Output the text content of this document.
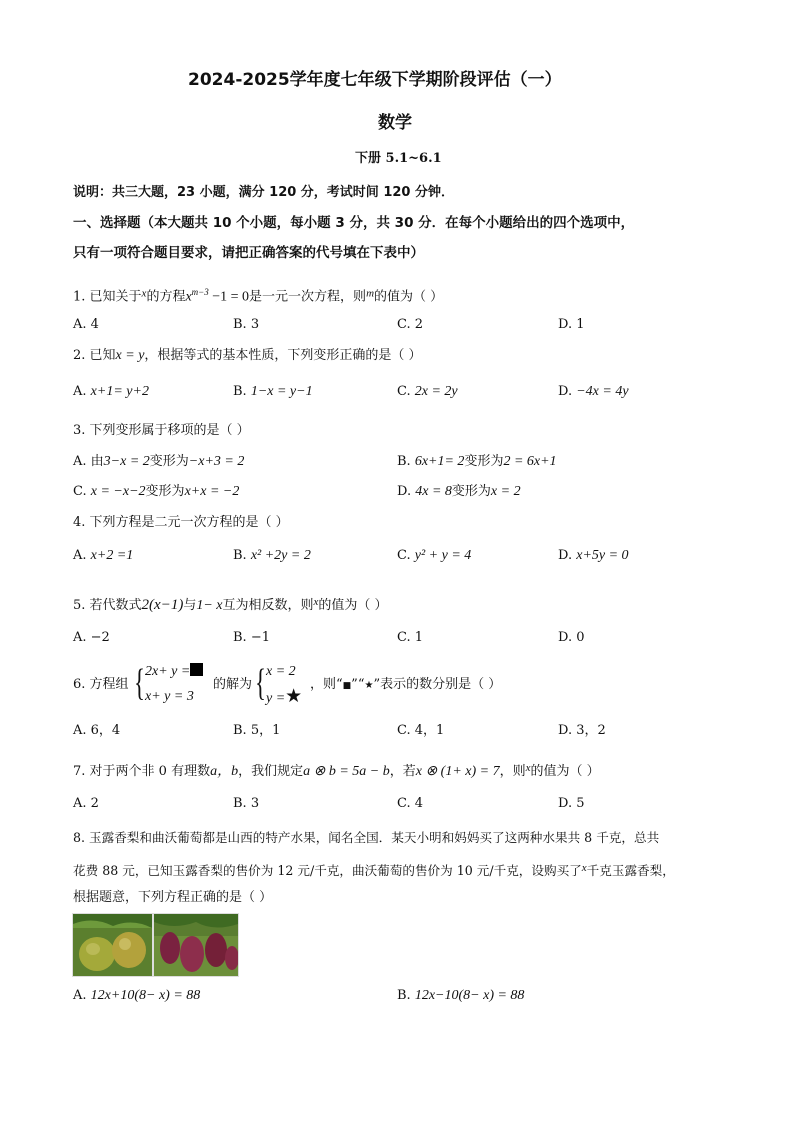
2024-2025学年度七年级下学期阶段评估（一）
数学
下册 5.1~6.1
说明：共三大题，23 小题，满分 120 分，考试时间 120 分钟．
一、选择题（本大题共 10 个小题，每小题 3 分，共 30 分．在每个小题给出的四个选项中，
只有一项符合题目要求，请把正确答案的代号填在下表中）
1. 已知关于$^x$的方程$x^{m-3} -1 = 0$是一元一次方程，则$^m$的值为（ ）
A. 4	B. 3	C. 2	D. 1
2. 已知x = y，根据等式的基本性质，下列变形正确的是（ ）
A. x+1= y+2	B. 1−x = y−1	C. 2x = 2y	D. −4x = 4y
3. 下列变形属于移项的是（ ）
A. 由3−x = 2变形为−x+3 = 2	B. 6x+1= 2变形为2 = 6x+1
C. x = −x−2变形为x+x = −2	D. 4x = 8变形为x = 2
4. 下列方程是二元一次方程的是（ ）
A. x+2 =1	B. x² +2y = 2	C. y² + y = 4	D. x+5y = 0
5. 若代数式2(x−1)与1− x互为相反数，则$^x$的值为（ ）
A. −2	B. −1	C. 1	D. 0
6. 方程组 { 2x+ y =
x+ y = 3
的解为 { x = 2
y =★
，则“■”“★”表示的数分别是（ ）
A. 6，4	B. 5，1	C. 4，1	D. 3，2
7. 对于两个非 0 有理数a，b，我们规定a ⊗ b = 5a − b，若x ⊗ (1+ x) = 7，则$^x$的值为（ ）
A. 2	B. 3	C. 4	D. 5
8. 玉露香梨和曲沃葡萄都是山西的特产水果，闻名全国．某天小明和妈妈买了这两种水果共 8 千克，总共
花费 88 元，已知玉露香梨的售价为 12 元/千克，曲沃葡萄的售价为 10 元/千克，设购买了x千克玉露香梨，
根据题意，下列方程正确的是（ ）
A. 12x+10(8− x) = 88	B. 12x−10(8− x) = 88
